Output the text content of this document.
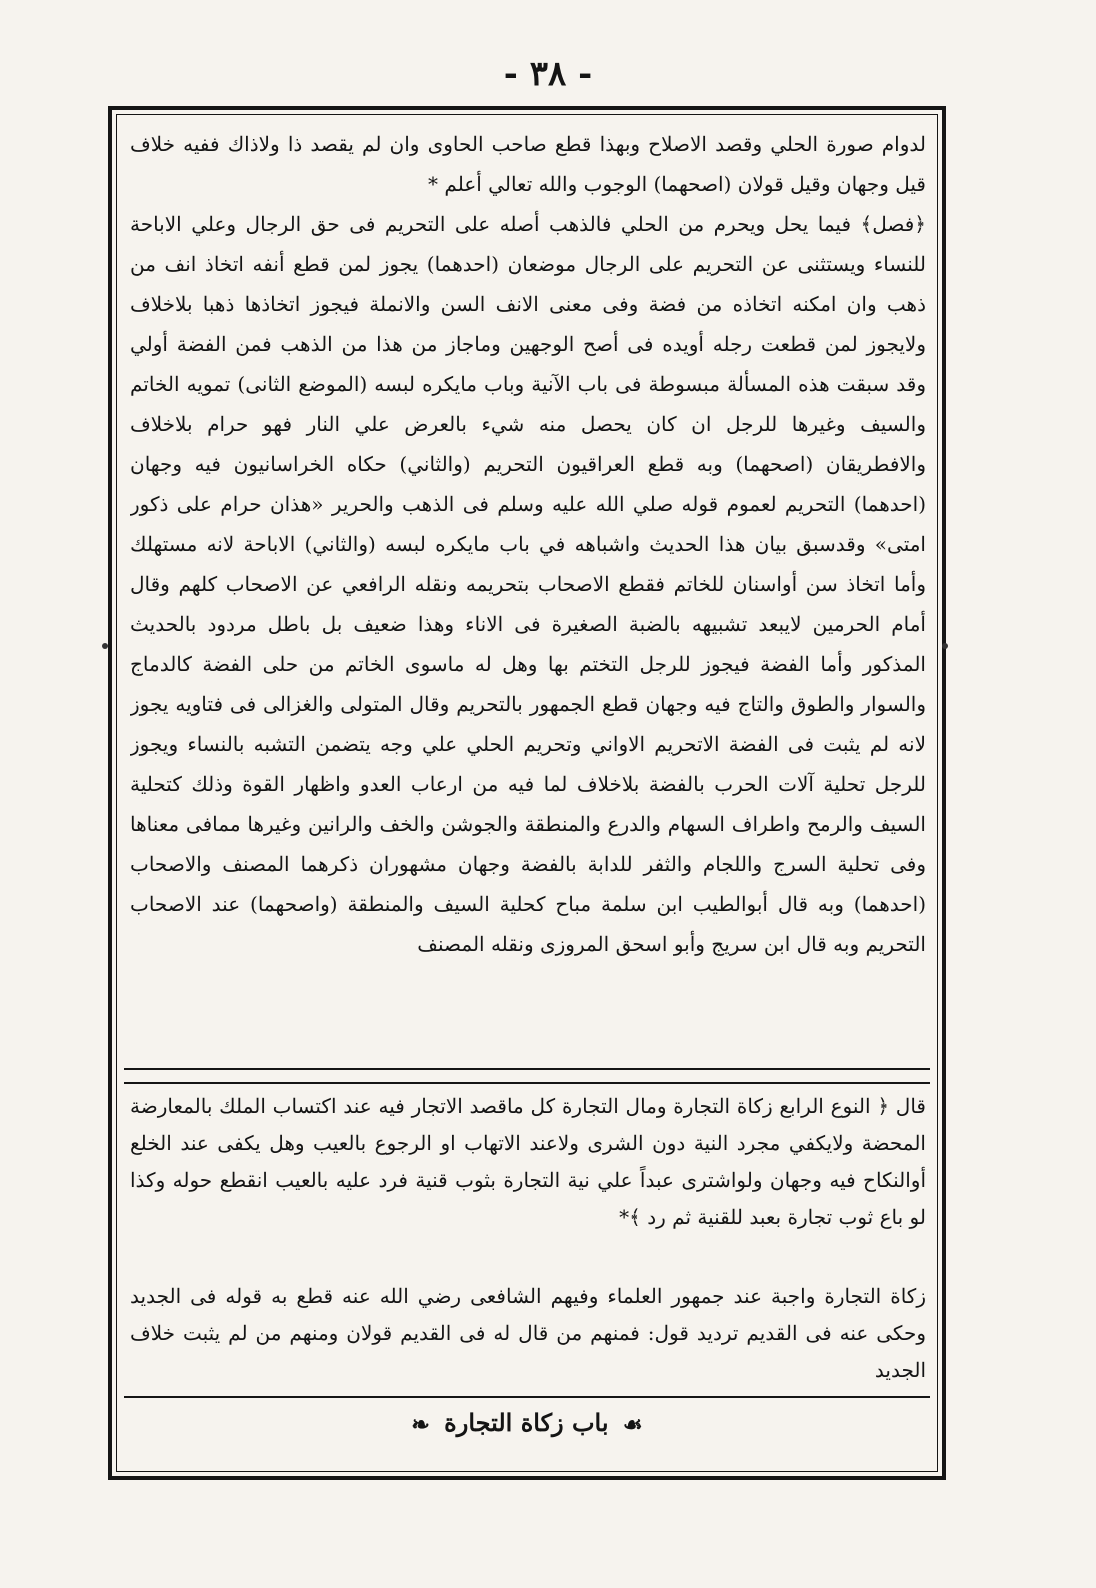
- ٣٨ -

لدوام صورة الحلي وقصد الاصلاح وبهذا قطع صاحب الحاوى وان لم يقصد ذا ولاذاك ففيه خلاف قيل وجهان وقيل قولان (اصحهما) الوجوب والله تعالي أعلم *

﴿فصل﴾ فيما يحل ويحرم من الحلي فالذهب أصله على التحريم فى حق الرجال وعلي الاباحة للنساء ويستثنى عن التحريم على الرجال موضعان (احدهما) يجوز لمن قطع أنفه اتخاذ انف من ذهب وان امكنه اتخاذه من فضة وفى معنى الانف السن والانملة فيجوز اتخاذها ذهبا بلاخلاف ولايجوز لمن قطعت رجله أويده فى أصح الوجهين وماجاز من هذا من الذهب فمن الفضة أولي وقد سبقت هذه المسألة مبسوطة فى باب الآنية وباب مايكره لبسه (الموضع الثانى) تمويه الخاتم والسيف وغيرها للرجل ان كان يحصل منه شيء بالعرض علي النار فهو حرام بلاخلاف والافطريقان (اصحهما) وبه قطع العراقيون التحريم (والثاني) حكاه الخراسانيون فيه وجهان (احدهما) التحريم لعموم قوله صلي الله عليه وسلم فى الذهب والحرير «هذان حرام على ذكور امتى» وقدسبق بيان هذا الحديث واشباهه في باب مايكره لبسه (والثاني) الاباحة لانه مستهلك وأما اتخاذ سن أواسنان للخاتم فقطع الاصحاب بتحريمه ونقله الرافعي عن الاصحاب كلهم وقال أمام الحرمين لايبعد تشبيهه بالضبة الصغيرة فى الاناء وهذا ضعيف بل باطل مردود بالحديث المذكور وأما الفضة فيجوز للرجل التختم بها وهل له ماسوى الخاتم من حلى الفضة كالدماج والسوار والطوق والتاج فيه وجهان قطع الجمهور بالتحريم وقال المتولى والغزالى فى فتاويه يجوز لانه لم يثبت فى الفضة الاتحريم الاواني وتحريم الحلي علي وجه يتضمن التشبه بالنساء ويجوز للرجل تحلية آلات الحرب بالفضة بلاخلاف لما فيه من ارعاب العدو واظهار القوة وذلك كتحلية السيف والرمح واطراف السهام والدرع والمنطقة والجوشن والخف والرانين وغيرها ممافى معناها وفى تحلية السرج واللجام والثفر للدابة بالفضة وجهان مشهوران ذكرهما المصنف والاصحاب (احدهما) وبه قال أبوالطيب ابن سلمة مباح كحلية السيف والمنطقة (واصحهما) عند الاصحاب التحريم وبه قال ابن سريج وأبو اسحق المروزى ونقله المصنف

قال ﴿ النوع الرابع زكاة التجارة ومال التجارة كل ماقصد الاتجار فيه عند اكتساب الملك بالمعارضة المحضة ولايكفي مجرد النية دون الشرى ولاعند الاتهاب او الرجوع بالعيب وهل يكفى عند الخلع أوالنكاح فيه وجهان ولواشترى عبداً علي نية التجارة بثوب قنية فرد عليه بالعيب انقطع حوله وكذا لو باع ثوب تجارة بعبد للقنية ثم رد ﴾*

زكاة التجارة واجبة عند جمهور العلماء وفيهم الشافعى رضي الله عنه قطع به قوله فى الجديد وحكى عنه فى القديم ترديد قول: فمنهم من قال له فى القديم قولان ومنهم من لم يثبت خلاف الجديد

☙ باب زكاة التجارة ❧
